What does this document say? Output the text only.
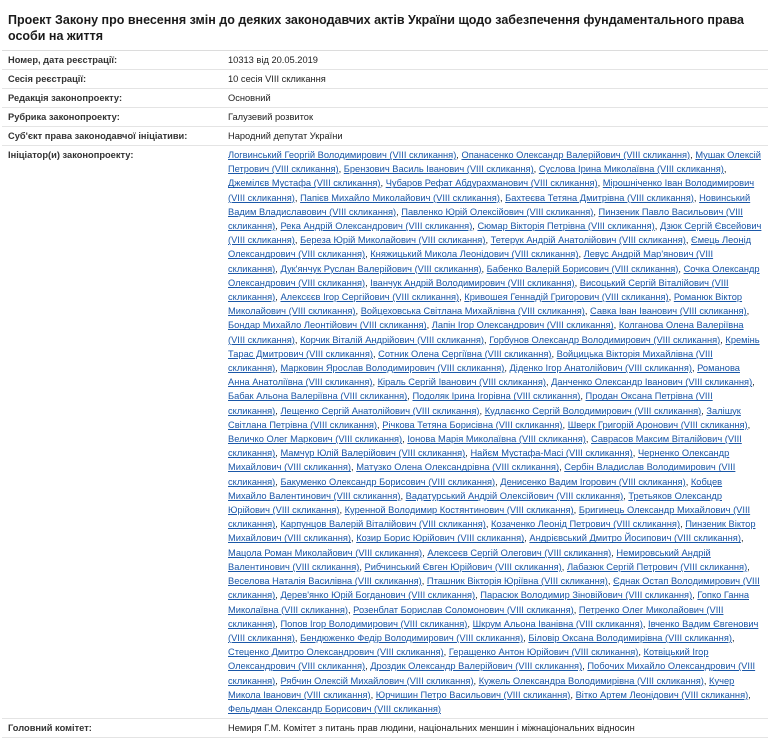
Проект Закону про внесення змін до деяких законодавчих актів України щодо забезпечення фундаментального права особи на життя
Номер, дата реєстрації:	10313 від 20.05.2019
Сесія реєстрації:	10 сесія VIII скликання
Редакція законопроекту:	Основний
Рубрика законопроекту:	Галузевий розвиток
Суб'єкт права законодавчої ініціативи:	Народний депутат України
Ініціатор(и) законопроекту:	Логвинський Георгій Володимирович (VIII скликання), Опанасенко Олександр Валерійович (VIII скликання), Мушак Олексій Петрович (VIII скликання), Брензович Василь Іванович (VIII скликання), Суслова Ірина Миколаївна (VIII скликання), Джемілєв Мустафа (VIII скликання), Чубаров Рефат Абдурахманович (VIII скликання), Мірошніченко Іван Володимирович (VIII скликання), Папієв Михайло Миколайович (VIII скликання), Бахтеєва Тетяна Дмитрівна (VIII скликання), Новинський Вадим Владиславович (VIII скликання), Павленко Юрій Олексійович (VIII скликання), Пинзеник Павло Васильович (VIII скликання), Река Андрій Олександрович (VIII скликання), Сюмар Вікторія Петрівна (VIII скликання), Дзюк Сергій Євсейович (VIII скликання), Береза Юрій Миколайович (VIII скликання), Тетерук Андрій Анатолійович (VIII скликання), Ємець Леонід Олександрович (VIII скликання), Княжицький Микола Леонідович (VIII скликання), Левус Андрій Мар'янович (VIII скликання), Дук'янчук Руслан Валерійович (VIII скликання), Бабенко Валерій Борисович (VIII скликання), Сочка Олександр Олександрович (VIII скликання), Іванчук Андрій Володимирович (VIII скликання), Висоцький Сергій Віталійович (VIII скликання), Алексєєв Ігор Сергійович (VIII скликання), Кривошея Геннадій Григорович (VIII скликання), Романюк Віктор Миколайович (VIII скликання), Войцеховська Світлана Михайлівна (VIII скликання), Савка Іван Іванович (VIII скликання), Бондар Михайло Леонтійович (VIII скликання), Лапін Ігор Олександрович (VIII скликання), Колганова Олена Валеріївна (VIII скликання), Корчик Віталій Андрійович (VIII скликання), Горбунов Олександр Володимирович (VIII скликання), Кремінь Тарас Дмитрович (VIII скликання), Сотник Олена Сергіївна (VIII скликання), Войцицька Вікторія Михайлівна (VIII скликання), Марковин Ярослав Володимирович (VIII скликання), Діденко Ігор Анатолійович (VIII скликання), Романова Анна Анатоліївна (VIII скликання), Кіраль Сергій Іванович (VIII скликання), Данченко Олександр Іванович (VIII скликання), Бабак Альона Валеріївна (VIII скликання), Подоляк Ірина Ігорівна (VIII скликання), Продан Оксана Петрівна (VIII скликання), Лещенко Сергій Анатолійович (VIII скликання), Кудлаєнко Сергій Володимирович (VIII скликання), Залішук Світлана Петрівна (VIII скликання), Річкова Тетяна Борисівна (VIII скликання), Шверк Григорій Аронович (VIII скликання), Величко Олег Маркович (VIII скликання), Іонова Марія Миколаївна (VIII скликання), Саврасов Максим Віталійович (VIII скликання), Мамчур Юлій Валерійович (VIII скликання), Найєм Мустафа-Масі (VIII скликання), Черненко Олександр Михайлович (VIII скликання), Матузко Олена Олександрівна (VIII скликання), Сербін Владислав Володимирович (VIII скликання), Бакуменко Олександр Борисович (VIII скликання), Денисенко Вадим Ігорович (VIII скликання), Кобцев Михайло Валентинович (VIII скликання), Вадатурський Андрій Олексійович (VIII скликання), Третьяков Олександр Юрійович (VIII скликання), Куренной Володимир Костянтинович (VIII скликання), Бригинець Олександр Михайлович (VIII скликання), Карпунцов Валерій Віталійович (VIII скликання), Козаченко Леонід Петрович (VIII скликання), Пинзеник Віктор Михайлович (VIII скликання), Козир Борис Юрійович (VIII скликання), Андрієвський Дмитро Йосипович (VIII скликання), Мацола Роман Миколайович (VIII скликання), Алексеєв Сергій Олегович (VIII скликання), Немировський Андрій Валентинович (VIII скликання), Рибчинський Євген Юрійович (VIII скликання), Лабазюк Сергій Петрович (VIII скликання), Веселова Наталія Василівна (VIII скликання), Пташник Вікторія Юріївна (VIII скликання), Єднак Остап Володимирович (VIII скликання), Дерев'янко Юрій Богданович (VIII скликання), Парасюк Володимир Зіновійович (VIII скликання), Гопко Ганна Миколаївна (VIII скликання), Розенблат Борислав Соломонович (VIII скликання), Петренко Олег Миколайович (VIII скликання), Попов Ігор Володимирович (VIII скликання), Шкрум Альона Іванівна (VIII скликання), Івченко Вадим Євгенович (VIII скликання), Бендюженко Федір Володимирович (VIII скликання), Біловір Оксана Володимирівна (VIII скликання), Стеценко Дмитро Олександрович (VIII скликання), Геращенко Антон Юрійович (VIII скликання), Котвіцький Ігор Олександрович (VIII скликання), Дроздик Олександр Валерійович (VIII скликання), Побочих Михайло Олександрович (VIII скликання), Рябчин Олексій Михайлович (VIII скликання), Кужель Олександра Володимирівна (VIII скликання), Кучер Микола Іванович (VIII скликання), Юрчишин Петро Васильович (VIII скликання), Вітко Артем Леонідович (VIII скликання), Фельдман Олександр Борисович (VIII скликання)
Головний комітет:	Немиря Г.М. Комітет з питань прав людини, національних меншин і міжнаціональних відносин
